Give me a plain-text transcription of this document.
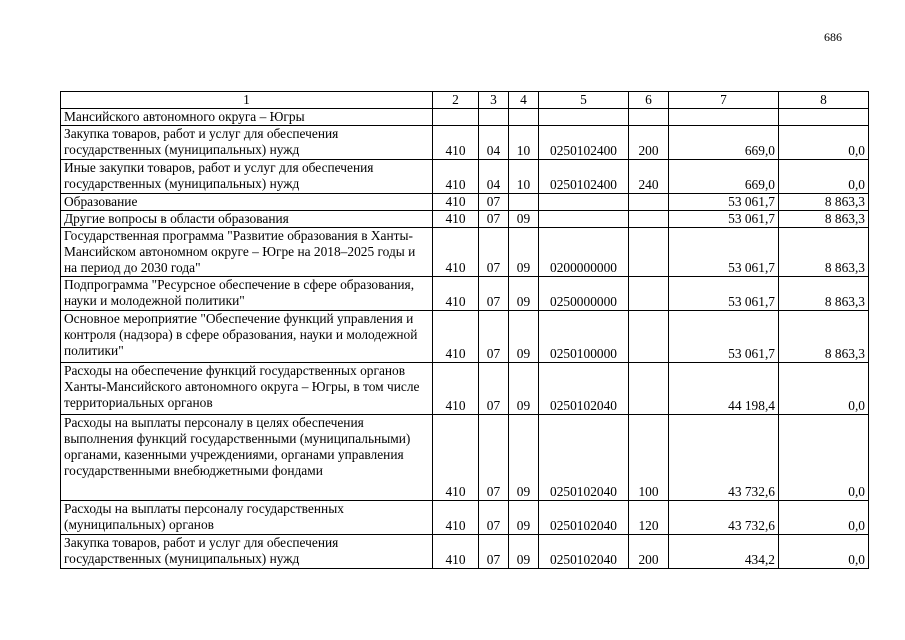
686
1	2	3	4	5	6	7	8
Мансийского автономного округа – Югры							
Закупка товаров, работ и услуг для обеспечения государственных (муниципальных) нужд	410	04	10	0250102400	200	669,0	0,0
Иные закупки товаров, работ и услуг для обеспечения государственных (муниципальных) нужд	410	04	10	0250102400	240	669,0	0,0
Образование	410	07				53 061,7	8 863,3
Другие вопросы в области образования	410	07	09			53 061,7	8 863,3
Государственная программа "Развитие образования в Ханты-Мансийском автономном округе – Югре на 2018–2025 годы и на период до 2030 года"	410	07	09	0200000000		53 061,7	8 863,3
Подпрограмма "Ресурсное обеспечение в сфере образования, науки и молодежной политики"	410	07	09	0250000000		53 061,7	8 863,3
Основное мероприятие "Обеспечение функций управления и контроля (надзора) в сфере образования, науки и молодежной политики"	410	07	09	0250100000		53 061,7	8 863,3
Расходы на обеспечение функций государственных органов Ханты-Мансийского автономного округа – Югры, в том числе территориальных органов	410	07	09	0250102040		44 198,4	0,0
Расходы на выплаты персоналу в целях обеспечения выполнения функций государственными (муниципальными) органами, казенными учреждениями, органами управления государственными внебюджетными фондами	410	07	09	0250102040	100	43 732,6	0,0
Расходы на выплаты персоналу государственных (муниципальных) органов	410	07	09	0250102040	120	43 732,6	0,0
Закупка товаров, работ и услуг для обеспечения государственных (муниципальных) нужд	410	07	09	0250102040	200	434,2	0,0
